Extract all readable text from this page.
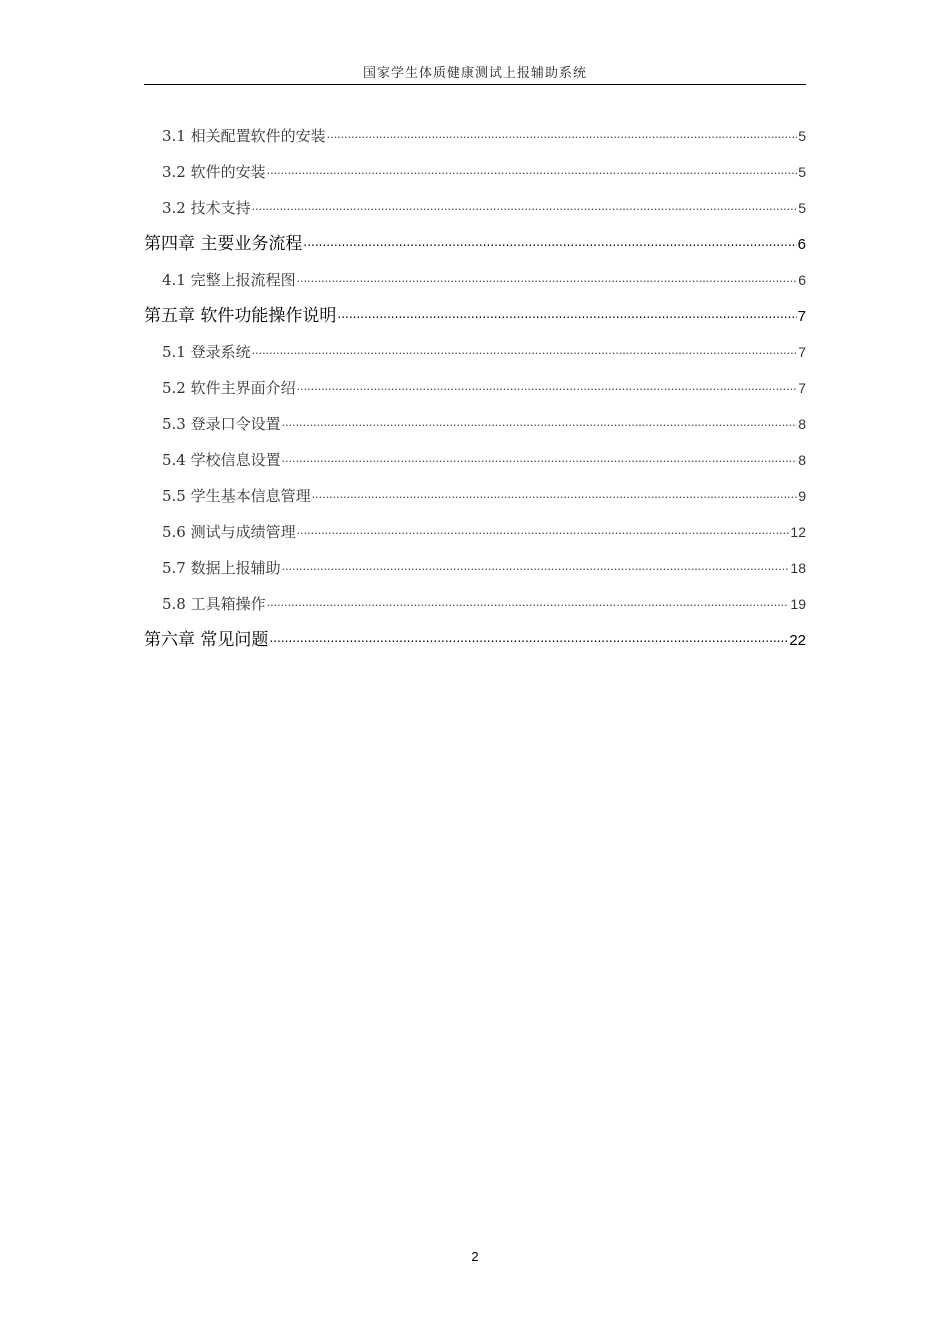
国家学生体质健康测试上报辅助系统
3.1 相关配置软件的安装 .....	5
3.2 软件的安装 .....	5
3.2 技术支持 .....	5
第四章 主要业务流程 .....	6
4.1 完整上报流程图 .....	6
第五章 软件功能操作说明 .....	7
5.1 登录系统 .....	7
5.2 软件主界面介绍 .....	7
5.3 登录口令设置 .....	8
5.4 学校信息设置 .....	8
5.5 学生基本信息管理 .....	9
5.6 测试与成绩管理 .....	12
5.7 数据上报辅助 .....	18
5.8 工具箱操作 .....	19
第六章 常见问题 .....	22
2
